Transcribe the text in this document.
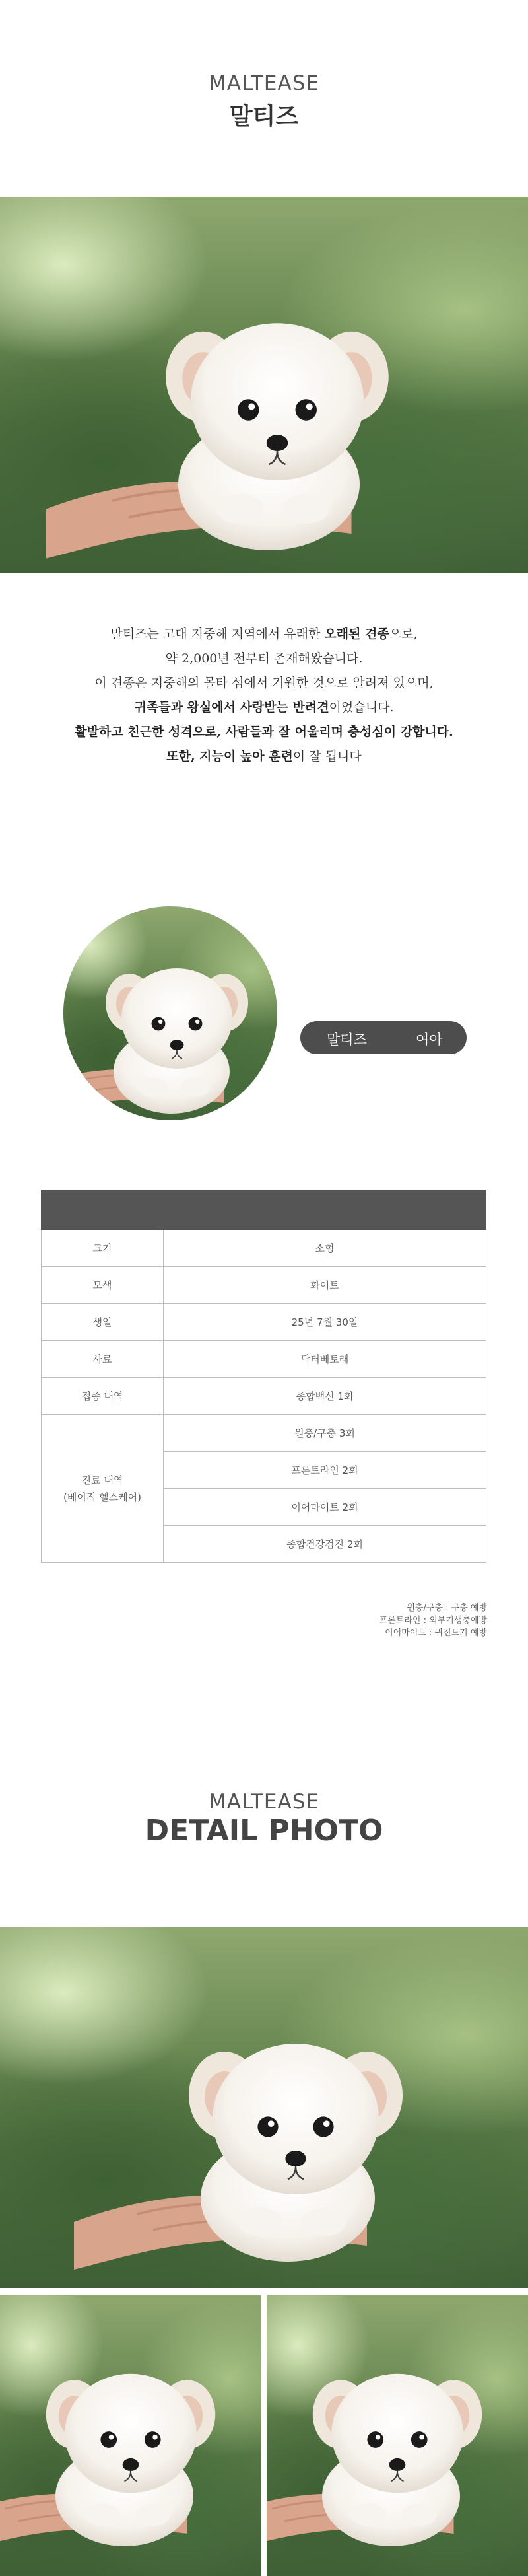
MALTEASE
말티즈

말티즈는 고대 지중해 지역에서 유래한 오래된 견종으로,

약 2,000년 전부터 존재해왔습니다.

이 견종은 지중해의 몰타 섬에서 기원한 것으로 알려져 있으며,

귀족들과 왕실에서 사랑받는 반려견이었습니다.

활발하고 친근한 성격으로, 사람들과 잘 어울리며 충성심이 강합니다.

또한, 지능이 높아 훈련이 잘 됩니다

말티즈	여아

크기	소형
모색	화이트
생일	25년 7월 30일
사료	닥터베토래
접종 내역	종합백신 1회
진료 내역
(베이직 헬스케어)	원충/구충 3회
	프론트라인 2회
	이어마이트 2회
	종합건강검진 2회
원충/구충 : 구충 예방
프론트라인 : 외부기생충예방
이어마이트 : 귀진드기 예방
MALTEASE
DETAIL PHOTO
